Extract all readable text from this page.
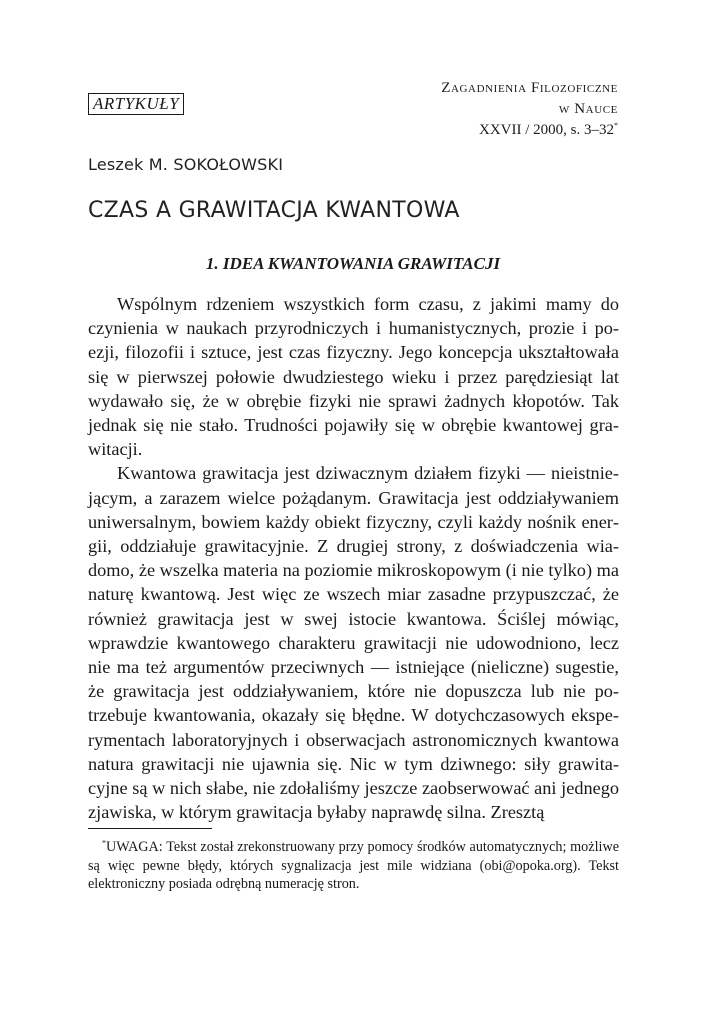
ARTYKUŁY
Zagadnienia Filozoficzne
w Nauce
XXVII / 2000, s. 3–32*
Leszek M. SOKOŁOWSKI
CZAS A GRAWITACJA KWANTOWA
1. IDEA KWANTOWANIA GRAWITACJI

Wspólnym rdzeniem wszystkich form czasu, z jakimi mamy do czynienia w naukach przyrodniczych i humanistycznych, prozie i poezji, filozofii i sztuce, jest czas fizyczny. Jego koncepcja ukształtowała się w pierwszej połowie dwudziestego wieku i przez parędziesiąt lat wydawało się, że w obrębie fizyki nie sprawi żadnych kłopotów. Tak jednak się nie stało. Trudności pojawiły się w obrębie kwantowej grawitacji.

Kwantowa grawitacja jest dziwacznym działem fizyki — nieistniejącym, a zarazem wielce pożądanym. Grawitacja jest oddziaływaniem uniwersalnym, bowiem każdy obiekt fizyczny, czyli każdy nośnik energii, oddziałuje grawitacyjnie. Z drugiej strony, z doświadczenia wiadomo, że wszelka materia na poziomie mikroskopowym (i nie tylko) ma naturę kwantową. Jest więc ze wszech miar zasadne przypuszczać, że również grawitacja jest w swej istocie kwantowa. Ściślej mówiąc, wprawdzie kwantowego charakteru grawitacji nie udowodniono, lecz nie ma też argumentów przeciwnych — istniejące (nieliczne) sugestie, że grawitacja jest oddziaływaniem, które nie dopuszcza lub nie potrzebuje kwantowania, okazały się błędne. W dotychczasowych eksperymentach laboratoryjnych i obserwacjach astronomicznych kwantowa natura grawitacji nie ujawnia się. Nic w tym dziwnego: siły grawitacyjne są w nich słabe, nie zdołaliśmy jeszcze zaobserwować ani jednego zjawiska, w którym grawitacja byłaby naprawdę silna. Zresztą

*UWAGA: Tekst został zrekonstruowany przy pomocy środków automatycznych; możliwe są więc pewne błędy, których sygnalizacja jest mile widziana (obi@opoka.org). Tekst elektroniczny posiada odrębną numerację stron.
